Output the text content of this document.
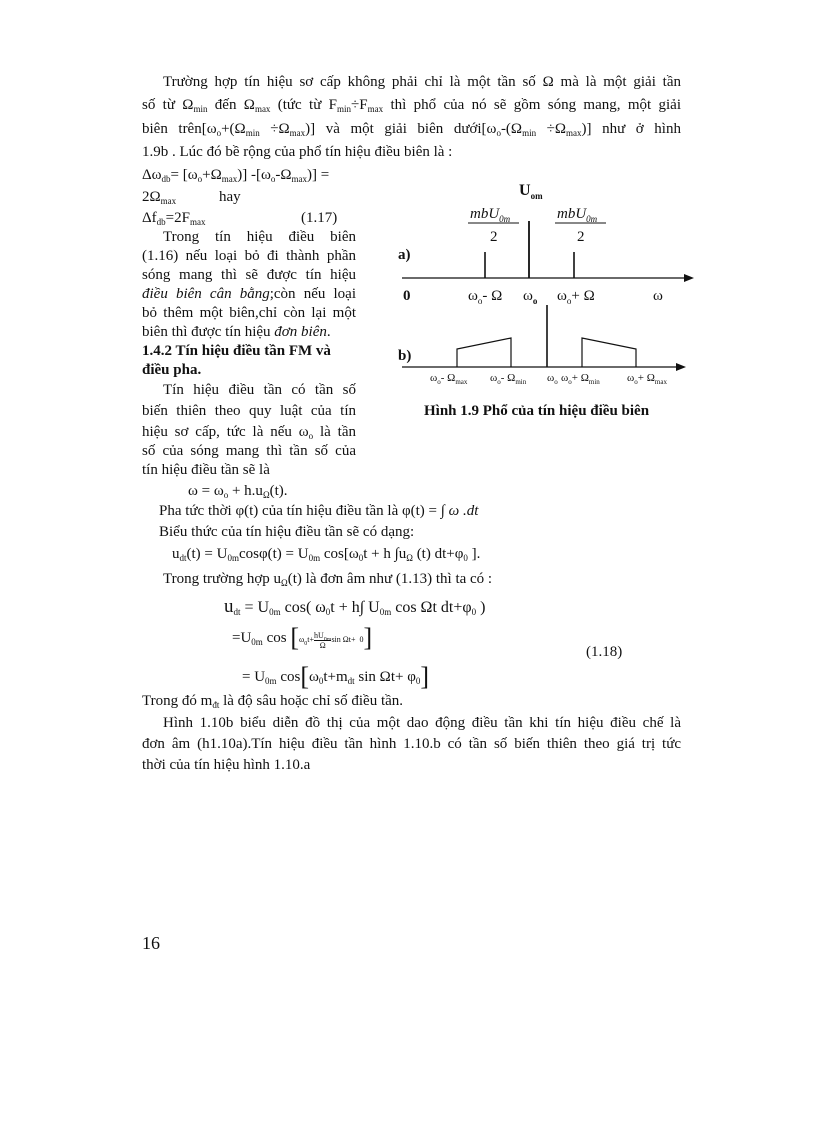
Trường hợp tín hiệu sơ cấp không phải chỉ là một tần số Ω mà là một giải tần
số từ $\Omega_{min}$ đến $\Omega_{max}$ (tức từ $F_{min}\div F_{max}$ thì phổ của nó sẽ gồm sóng mang, một giải
biên $trên[\omega_o+(\Omega_{min} \div\Omega_{max})]$ và một giải biên $dưới[\omega_o-(\Omega_{min} \div\Omega_{max})]$ như ở hình
1.9b . Lúc đó bề rộng của phổ tín hiệu điều biên là :
$\Delta\omega_{db}= [\omega_o+\Omega_{max})] -[\omega_o-\Omega_{max})$] =
$2\Omega_{max}$	hay
$\Delta f_{db}=2F_{max}$	(1.17)
Trong tín hiệu điều biên
(1.16) nếu loại bỏ đi thành phần
sóng mang thì sẽ được tín hiệu
điều biên cân bằng;còn nếu loại
bỏ thêm một biên,chỉ còn lại một
biên thì được tín hiệu đơn biên.
1.4.2 Tín hiệu điều tần FM và
điều pha.
Tín hiệu điều tần có tần số
biến thiên theo quy luật của tín
hiệu sơ cấp, tức là nếu $\omega_o$ là tần
số của sóng mang thì tần số của
tín hiệu điều tần sẽ là
$U_{om}$
mbU$_{0m}$
2
mbU$_{0m}$
2
a)
0	$\omega_o-$ Ω $\omega_o$ $\omega_o+ \Omega$	ω
b)
$\omega_o-$ $\Omega_{max}$ $\omega_o-$ $\Omega_{min}$ $\omega_o$ $\omega_o+ \Omega_{min}$ $\omega_o+ \Omega_{max}$
Hình 1.9 Phổ của tín hiệu điều biên
$\omega = \omega_o + h.u_\Omega(t)$.
Pha tức thời φ(t) của tín hiệu điều tần là φ(t) = ∫ ω .dt
Biểu thức của tín hiệu điều tần sẽ có dạng:
$u_{dt}(t) = U_{0m}\cos\varphi(t) = U_{0m}$ $\cos[\omega_0t + h$ $\int u_\Omega$ (t) $dt+\varphi_0$ ].
Trong trường hợp $u_\Omega(t)$ là đơn âm như (1.13) thì ta có :
$u_{dt} = U_{0m}$ cos( $\omega_0t + h\int$ $U_{0m}$ cos Ωt $dt+\varphi_0$ )
$=U_{0m}$ $\cos [\omega_0t+ \frac{hU_{0m}}{\Omega}$ sin Ωt+ 0]	(1.18)
= $U_{0m}$ $\cos[\omega_0t+m_{dt}$ $\sin \Omega t+ \varphi_0$]
Trong đó $m_{đt}$ là độ sâu hoặc chỉ số điều tần.
Hình 1.10b biểu diễn đồ thị của một dao động điều tần khi tín hiệu điều chế là
đơn âm (h1.10a).Tín hiệu điều tần hình 1.10.b có tần số biến thiên theo giá trị tức
thời của tín hiệu hình 1.10.a
16
